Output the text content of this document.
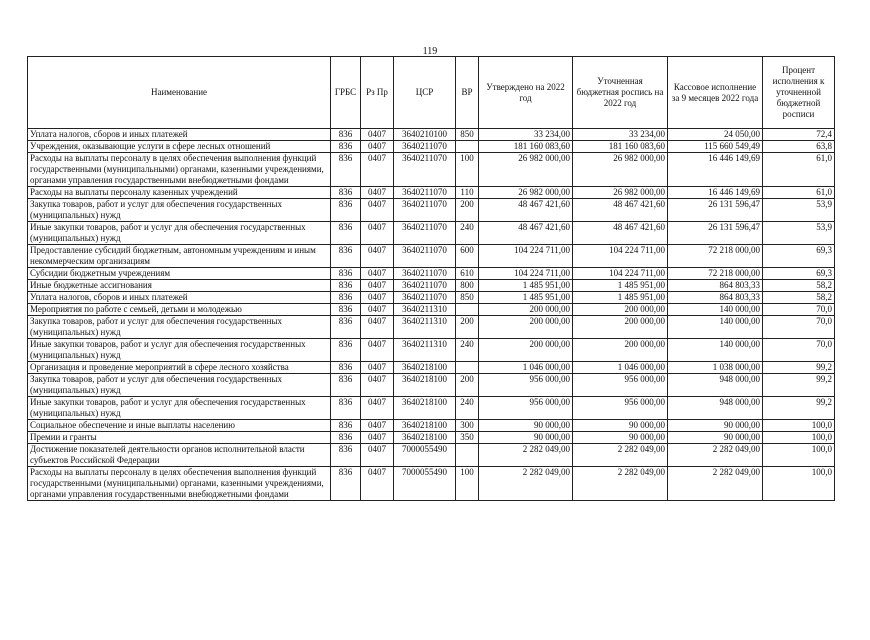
119
Наименование	ГРБС	Рз Пр	ЦСР	ВР	Утверждено на 2022 год	Уточненная бюджетная роспись на 2022 год	Кассовое исполнение за 9 месяцев 2022 года	Процент исполнения к уточненной бюджетной росписи
Уплата налогов, сборов и иных платежей	836	0407	3640210100	850	33 234,00	33 234,00	24 050,00	72,4
Учреждения, оказывающие услуги в сфере лесных отношений	836	0407	3640211070		181 160 083,60	181 160 083,60	115 660 549,49	63,8
Расходы на выплаты персоналу в целях обеспечения выполнения функций государственными (муниципальными) органами, казенными учреждениями, органами управления государственными внебюджетными фондами	836	0407	3640211070	100	26 982 000,00	26 982 000,00	16 446 149,69	61,0
Расходы на выплаты персоналу казенных учреждений	836	0407	3640211070	110	26 982 000,00	26 982 000,00	16 446 149,69	61,0
Закупка товаров, работ и услуг для обеспечения государственных (муниципальных) нужд	836	0407	3640211070	200	48 467 421,60	48 467 421,60	26 131 596,47	53,9
Иные закупки товаров, работ и услуг для обеспечения государственных (муниципальных) нужд	836	0407	3640211070	240	48 467 421,60	48 467 421,60	26 131 596,47	53,9
Предоставление субсидий бюджетным, автономным учреждениям и иным некоммерческим организациям	836	0407	3640211070	600	104 224 711,00	104 224 711,00	72 218 000,00	69,3
Субсидии бюджетным учреждениям	836	0407	3640211070	610	104 224 711,00	104 224 711,00	72 218 000,00	69,3
Иные бюджетные ассигнования	836	0407	3640211070	800	1 485 951,00	1 485 951,00	864 803,33	58,2
Уплата налогов, сборов и иных платежей	836	0407	3640211070	850	1 485 951,00	1 485 951,00	864 803,33	58,2
Мероприятия по работе с семьей, детьми и молодежью	836	0407	3640211310		200 000,00	200 000,00	140 000,00	70,0
Закупка товаров, работ и услуг для обеспечения государственных (муниципальных) нужд	836	0407	3640211310	200	200 000,00	200 000,00	140 000,00	70,0
Иные закупки товаров, работ и услуг для обеспечения государственных (муниципальных) нужд	836	0407	3640211310	240	200 000,00	200 000,00	140 000,00	70,0
Организация и проведение мероприятий в сфере лесного хозяйства	836	0407	3640218100		1 046 000,00	1 046 000,00	1 038 000,00	99,2
Закупка товаров, работ и услуг для обеспечения государственных (муниципальных) нужд	836	0407	3640218100	200	956 000,00	956 000,00	948 000,00	99,2
Иные закупки товаров, работ и услуг для обеспечения государственных (муниципальных) нужд	836	0407	3640218100	240	956 000,00	956 000,00	948 000,00	99,2
Социальное обеспечение и иные выплаты населению	836	0407	3640218100	300	90 000,00	90 000,00	90 000,00	100,0
Премии и гранты	836	0407	3640218100	350	90 000,00	90 000,00	90 000,00	100,0
Достижение показателей деятельности органов исполнительной власти субъектов Российской Федерации	836	0407	7000055490		2 282 049,00	2 282 049,00	2 282 049,00	100,0
Расходы на выплаты персоналу в целях обеспечения выполнения функций государственными (муниципальными) органами, казенными учреждениями, органами управления государственными внебюджетными фондами	836	0407	7000055490	100	2 282 049,00	2 282 049,00	2 282 049,00	100,0
